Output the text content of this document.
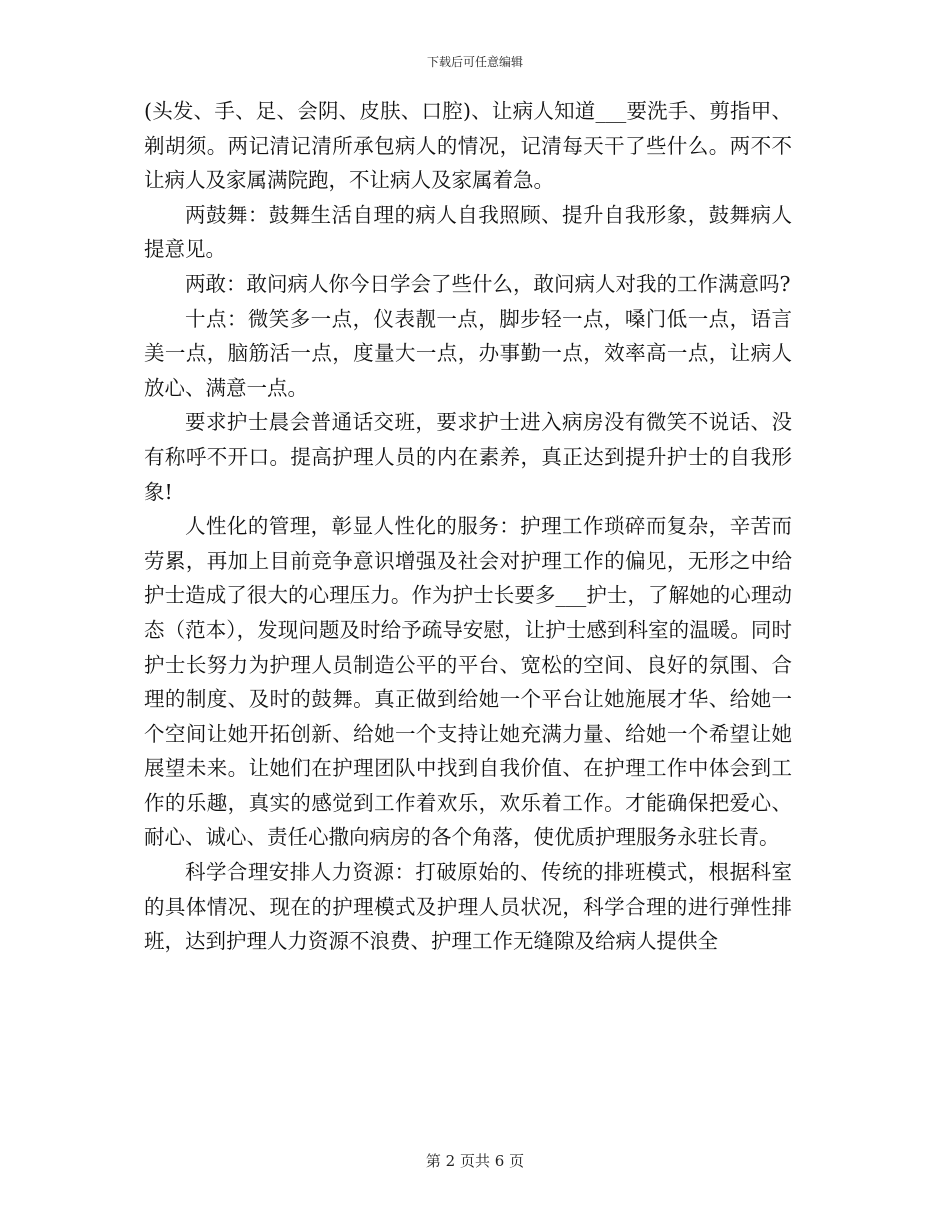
下载后可任意编辑

(头发、手、足、会阴、皮肤、口腔)、让病人知道___要洗手、剪指甲、剃胡须。两记清记清所承包病人的情况，记清每天干了些什么。两不不让病人及家属满院跑，不让病人及家属着急。

两鼓舞：鼓舞生活自理的病人自我照顾、提升自我形象，鼓舞病人提意见。

两敢：敢问病人你今日学会了些什么，敢问病人对我的工作满意吗?

十点：微笑多一点，仪表靓一点，脚步轻一点，嗓门低一点，语言美一点，脑筋活一点，度量大一点，办事勤一点，效率高一点，让病人放心、满意一点。

要求护士晨会普通话交班，要求护士进入病房没有微笑不说话、没有称呼不开口。提高护理人员的内在素养，真正达到提升护士的自我形象!

人性化的管理，彰显人性化的服务：护理工作琐碎而复杂，辛苦而劳累，再加上目前竞争意识增强及社会对护理工作的偏见，无形之中给护士造成了很大的心理压力。作为护士长要多___护士，了解她的心理动态（范本），发现问题及时给予疏导安慰，让护士感到科室的温暖。同时护士长努力为护理人员制造公平的平台、宽松的空间、良好的氛围、合理的制度、及时的鼓舞。真正做到给她一个平台让她施展才华、给她一个空间让她开拓创新、给她一个支持让她充满力量、给她一个希望让她展望未来。让她们在护理团队中找到自我价值、在护理工作中体会到工作的乐趣，真实的感觉到工作着欢乐，欢乐着工作。才能确保把爱心、耐心、诚心、责任心撒向病房的各个角落，使优质护理服务永驻长青。

科学合理安排人力资源：打破原始的、传统的排班模式，根据科室的具体情况、现在的护理模式及护理人员状况，科学合理的进行弹性排班，达到护理人力资源不浪费、护理工作无缝隙及给病人提供全

第 2 页共 6 页
